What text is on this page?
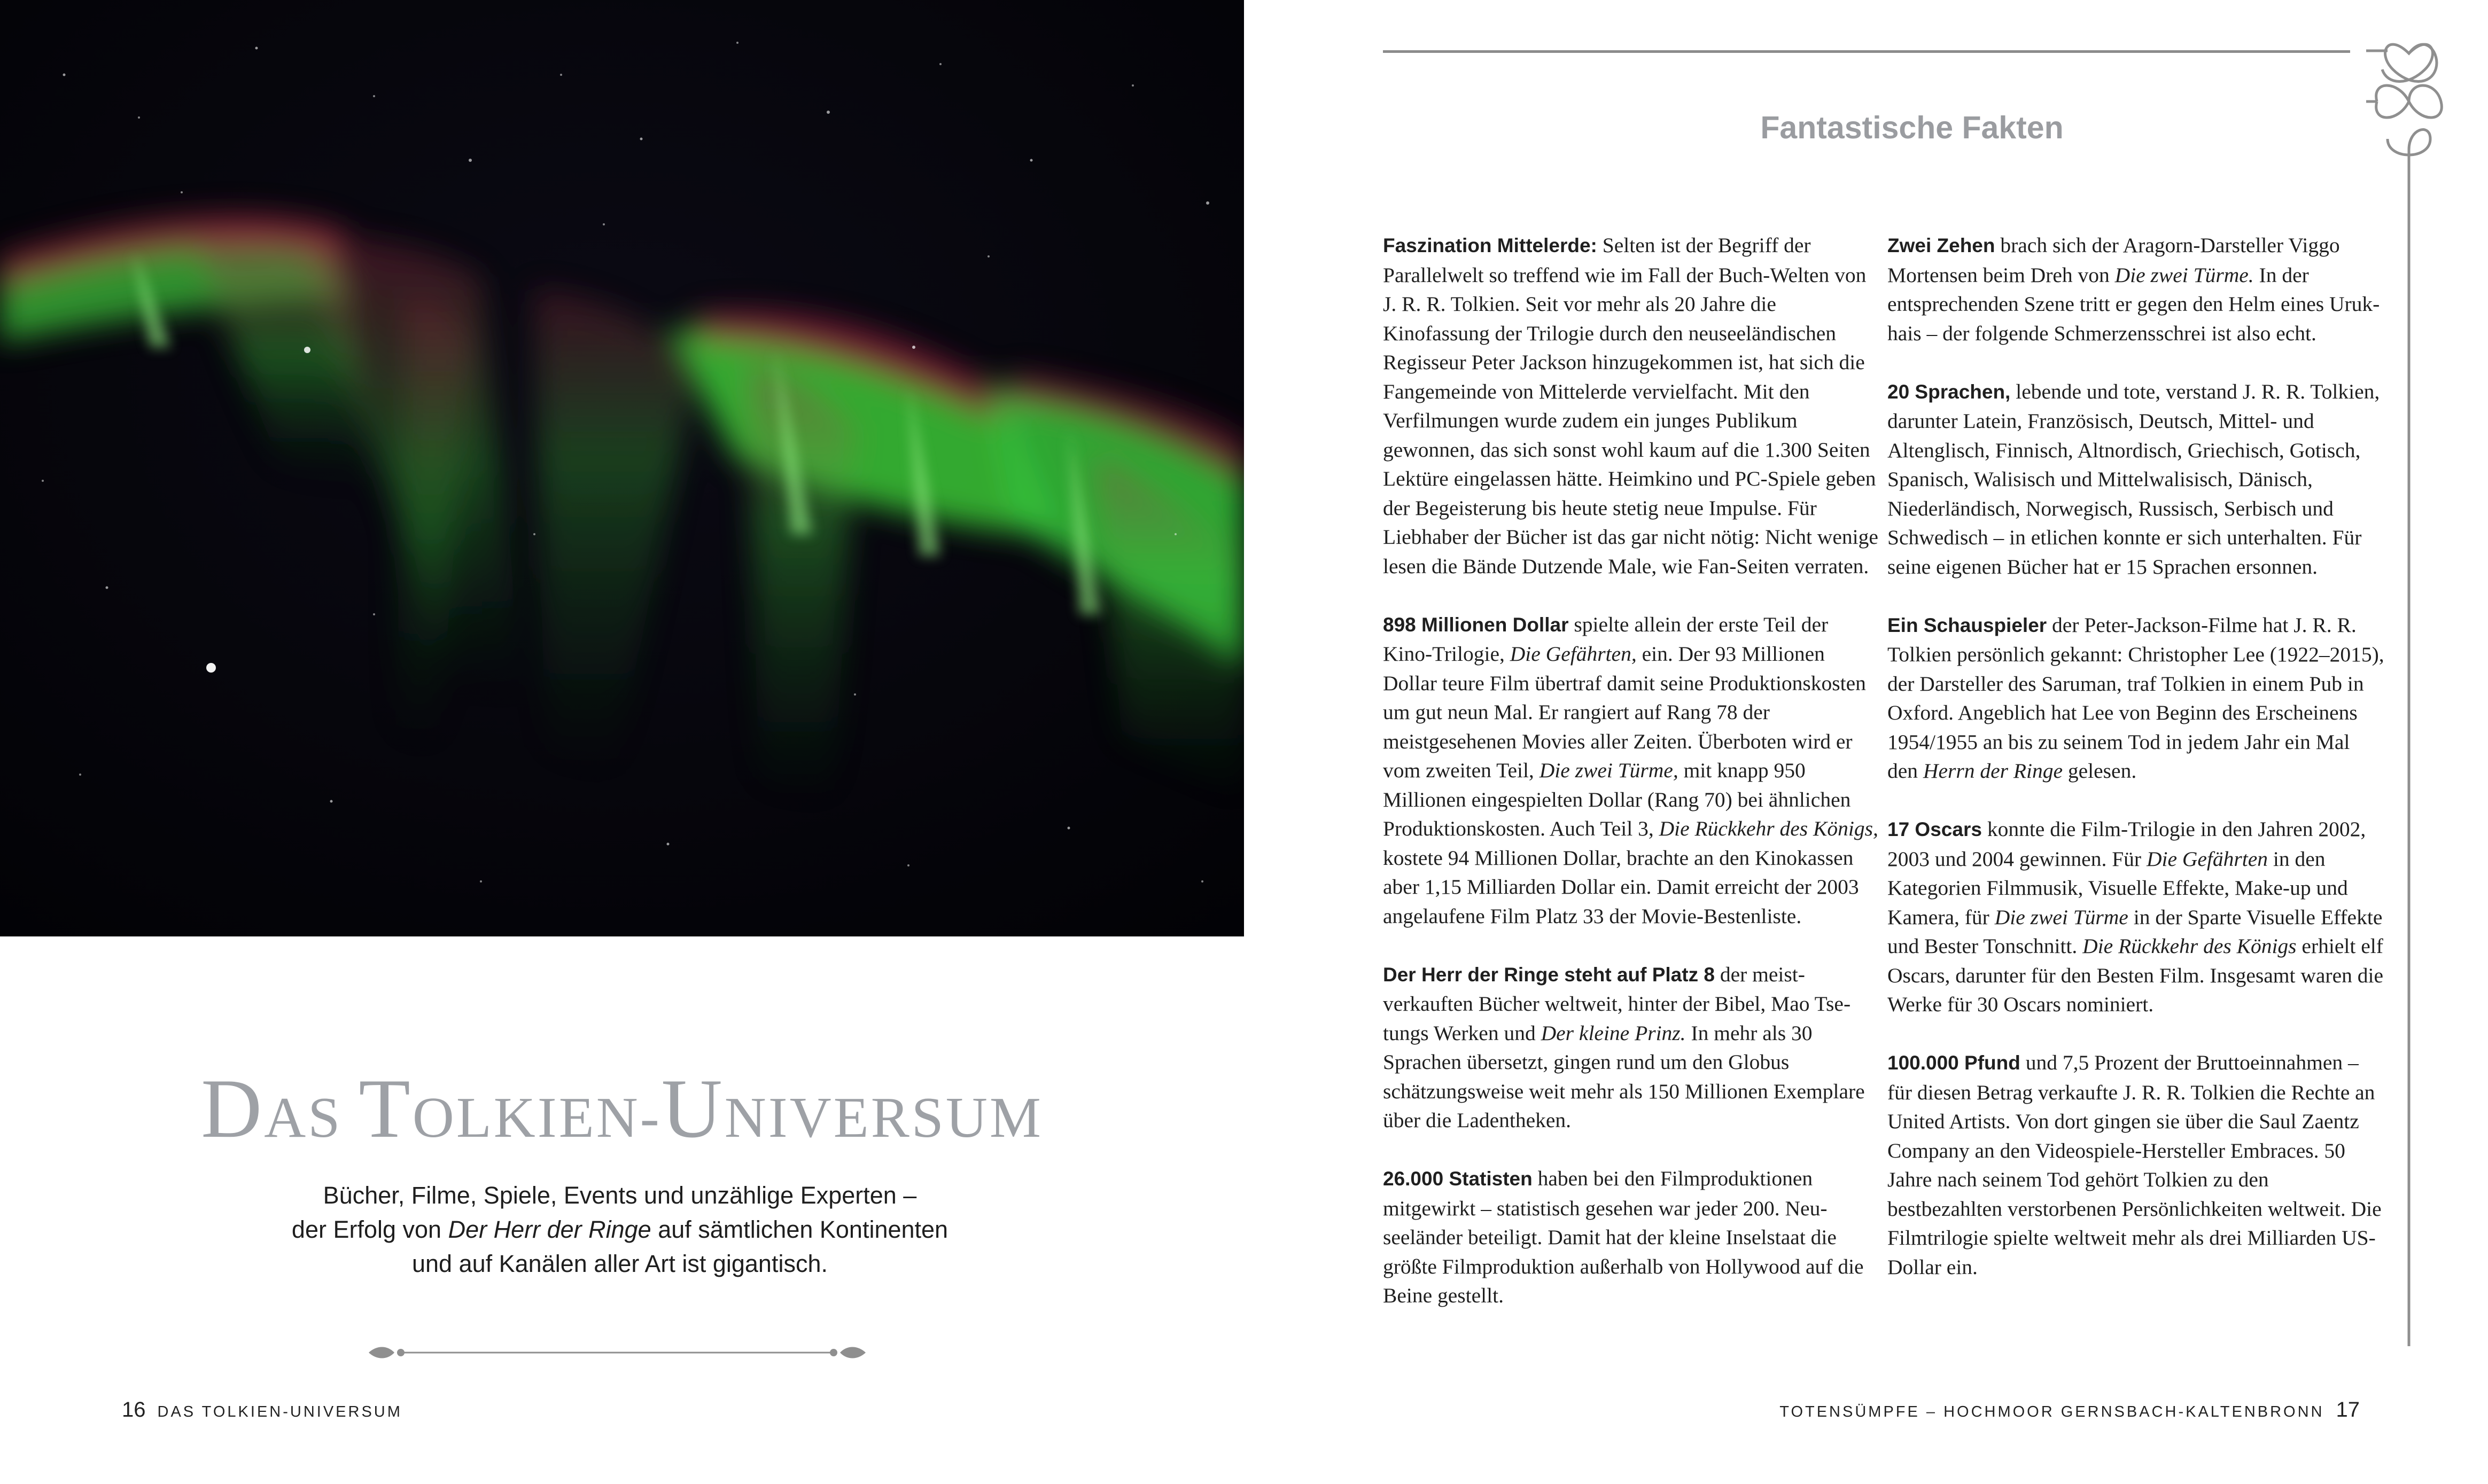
DAS TOLKIEN-UNIVERSUM
Bücher, Filme, Spiele, Events und unzählige Experten –
der Erfolg von Der Herr der Ringe auf sämtlichen Kontinenten
und auf Kanälen aller Art ist gigantisch.
16 DAS TOLKIEN-UNIVERSUM
Fantastische Fakten

Faszination Mittelerde: Selten ist der Begriff der Parallelwelt so treffend wie im Fall der Buch-Welten von J. R. R. Tolkien. Seit vor mehr als 20 Jahre die Kinofassung der Trilogie durch den neuseeländischen Regisseur Peter Jackson hinzugekommen ist, hat sich die Fangemeinde von Mittelerde vervielfacht. Mit den Verfilmungen wurde zudem ein junges Publikum gewonnen, das sich sonst wohl kaum auf die 1.300 Seiten Lektüre eingelassen hätte. Heimkino und PC-Spiele geben der Begeisterung bis heute stetig neue Impulse. Für Liebhaber der Bücher ist das gar nicht nötig: Nicht wenige lesen die Bände Dutzende Male, wie Fan-Seiten verraten.

898 Millionen Dollar spielte allein der erste Teil der Kino-Trilogie, Die Gefährten, ein. Der 93 Millionen Dollar teure Film übertraf damit seine Produktionskosten um gut neun Mal. Er rangiert auf Rang 78 der meistgesehenen Movies aller Zeiten. Überboten wird er vom zweiten Teil, Die zwei Türme, mit knapp 950 Millionen eingespielten Dollar (Rang 70) bei ähnlichen Produktionskosten. Auch Teil 3, Die Rückkehr des Königs, kostete 94 Millionen Dollar, brachte an den Kinokassen aber 1,15 Milliarden Dollar ein. Damit erreicht der 2003 angelaufene Film Platz 33 der Movie-Bestenliste.

Der Herr der Ringe steht auf Platz 8 der meistverkauften Bücher weltweit, hinter der Bibel, Mao Tse-tungs Werken und Der kleine Prinz. In mehr als 30 Sprachen übersetzt, gingen rund um den Globus schätzungsweise weit mehr als 150 Millionen Exemplare über die Ladentheken.

26.000 Statisten haben bei den Filmproduktionen mitgewirkt – statistisch gesehen war jeder 200. Neuseeländer beteiligt. Damit hat der kleine Inselstaat die größte Filmproduktion außerhalb von Hollywood auf die Beine gestellt.

Zwei Zehen brach sich der Aragorn-Darsteller Viggo Mortensen beim Dreh von Die zwei Türme. In der entsprechenden Szene tritt er gegen den Helm eines Uruk-hais – der folgende Schmerzensschrei ist also echt.

20 Sprachen, lebende und tote, verstand J. R. R. Tolkien, darunter Latein, Französisch, Deutsch, Mittel- und Altenglisch, Finnisch, Altnordisch, Griechisch, Gotisch, Spanisch, Walisisch und Mittelwalisisch, Dänisch, Niederländisch, Norwegisch, Russisch, Serbisch und Schwedisch – in etlichen konnte er sich unterhalten. Für seine eigenen Bücher hat er 15 Sprachen ersonnen.

Ein Schauspieler der Peter-Jackson-Filme hat J. R. R. Tolkien persönlich gekannt: Christopher Lee (1922–2015), der Darsteller des Saruman, traf Tolkien in einem Pub in Oxford. Angeblich hat Lee von Beginn des Erscheinens 1954/1955 an bis zu seinem Tod in jedem Jahr ein Mal den Herrn der Ringe gelesen.

17 Oscars konnte die Film-Trilogie in den Jahren 2002, 2003 und 2004 gewinnen. Für Die Gefährten in den Kategorien Filmmusik, Visuelle Effekte, Make-up und Kamera, für Die zwei Türme in der Sparte Visuelle Effekte und Bester Tonschnitt. Die Rückkehr des Königs erhielt elf Oscars, darunter für den Besten Film. Insgesamt waren die Werke für 30 Oscars nominiert.

100.000 Pfund und 7,5 Prozent der Bruttoeinnahmen – für diesen Betrag verkaufte J. R. R. Tolkien die Rechte an United Artists. Von dort gingen sie über die Saul Zaentz Company an den Videospiele-Hersteller Embraces. 50 Jahre nach seinem Tod gehört Tolkien zu den bestbezahlten verstorbenen Persönlichkeiten weltweit. Die Filmtrilogie spielte weltweit mehr als drei Milliarden US-Dollar ein.

TOTENSÜMPFE – HOCHMOOR GERNSBACH-KALTENBRONN 17
